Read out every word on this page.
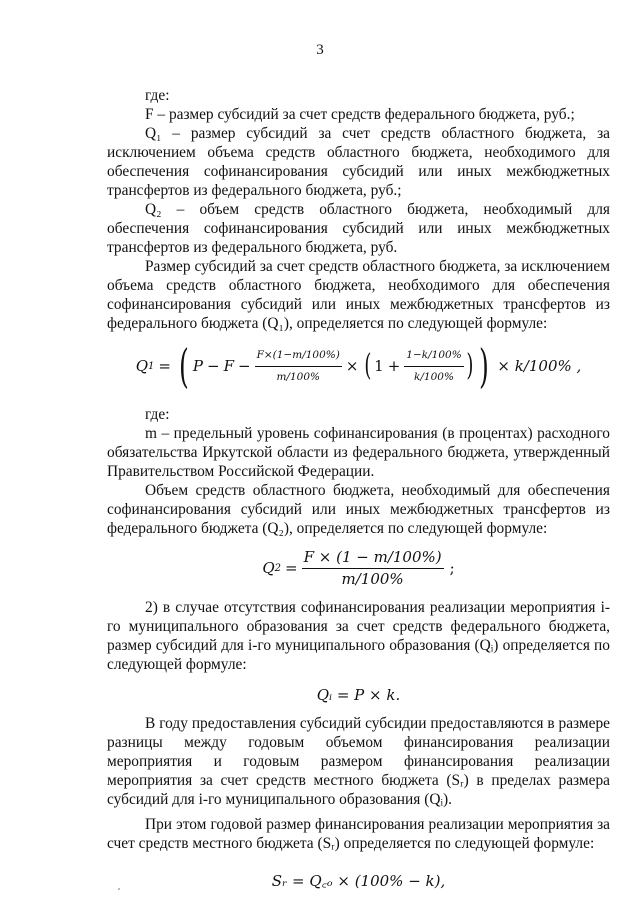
3

где:

F – размер субсидий за счет средств федерального бюджета, руб.;

Q₁ – размер субсидий за счет средств областного бюджета, за исключением объема средств областного бюджета, необходимого для обеспечения софинансирования субсидий или иных межбюджетных трансфертов из федерального бюджета, руб.;

Q₂ – объем средств областного бюджета, необходимый для обеспечения софинансирования субсидий или иных межбюджетных трансфертов из федерального бюджета, руб.

Размер субсидий за счет средств областного бюджета, за исключением объема средств областного бюджета, необходимого для обеспечения софинансирования субсидий или иных межбюджетных трансфертов из федерального бюджета (Q₁), определяется по следующей формуле:

Q 1 = ( $P - F - \frac{F\times(1-m/100\%)}{m/100\%}$ × ( $1 + \frac{1-k/100\%}{k/100\%}$ ) ) × k/100% ,

где:

m – предельный уровень софинансирования (в процентах) расходного обязательства Иркутской области из федерального бюджета, утвержденный Правительством Российской Федерации.

Объем средств областного бюджета, необходимый для обеспечения софинансирования субсидий или иных межбюджетных трансфертов из федерального бюджета (Q₂), определяется по следующей формуле:

Q $2 = \frac{F \times (1 - m/100\%)}{m/100\%}$ ;

2) в случае отсутствия софинансирования реализации мероприятия i-го муниципального образования за счет средств федерального бюджета, размер субсидий для i-го муниципального образования (Qᵢ) определяется по следующей формуле:

Qᵢ = P × k.

В году предоставления субсидий субсидии предоставляются в размере разницы между годовым объемом финансирования реализации мероприятия и годовым размером финансирования реализации мероприятия за счет средств местного бюджета (Sᵣ) в пределах размера субсидий для i-го муниципального образования (Qᵢ).

При этом годовой размер финансирования реализации мероприятия за счет средств местного бюджета (Sᵣ) определяется по следующей формуле:

Sᵣ = Q꜀ₒ × (100% − k),
